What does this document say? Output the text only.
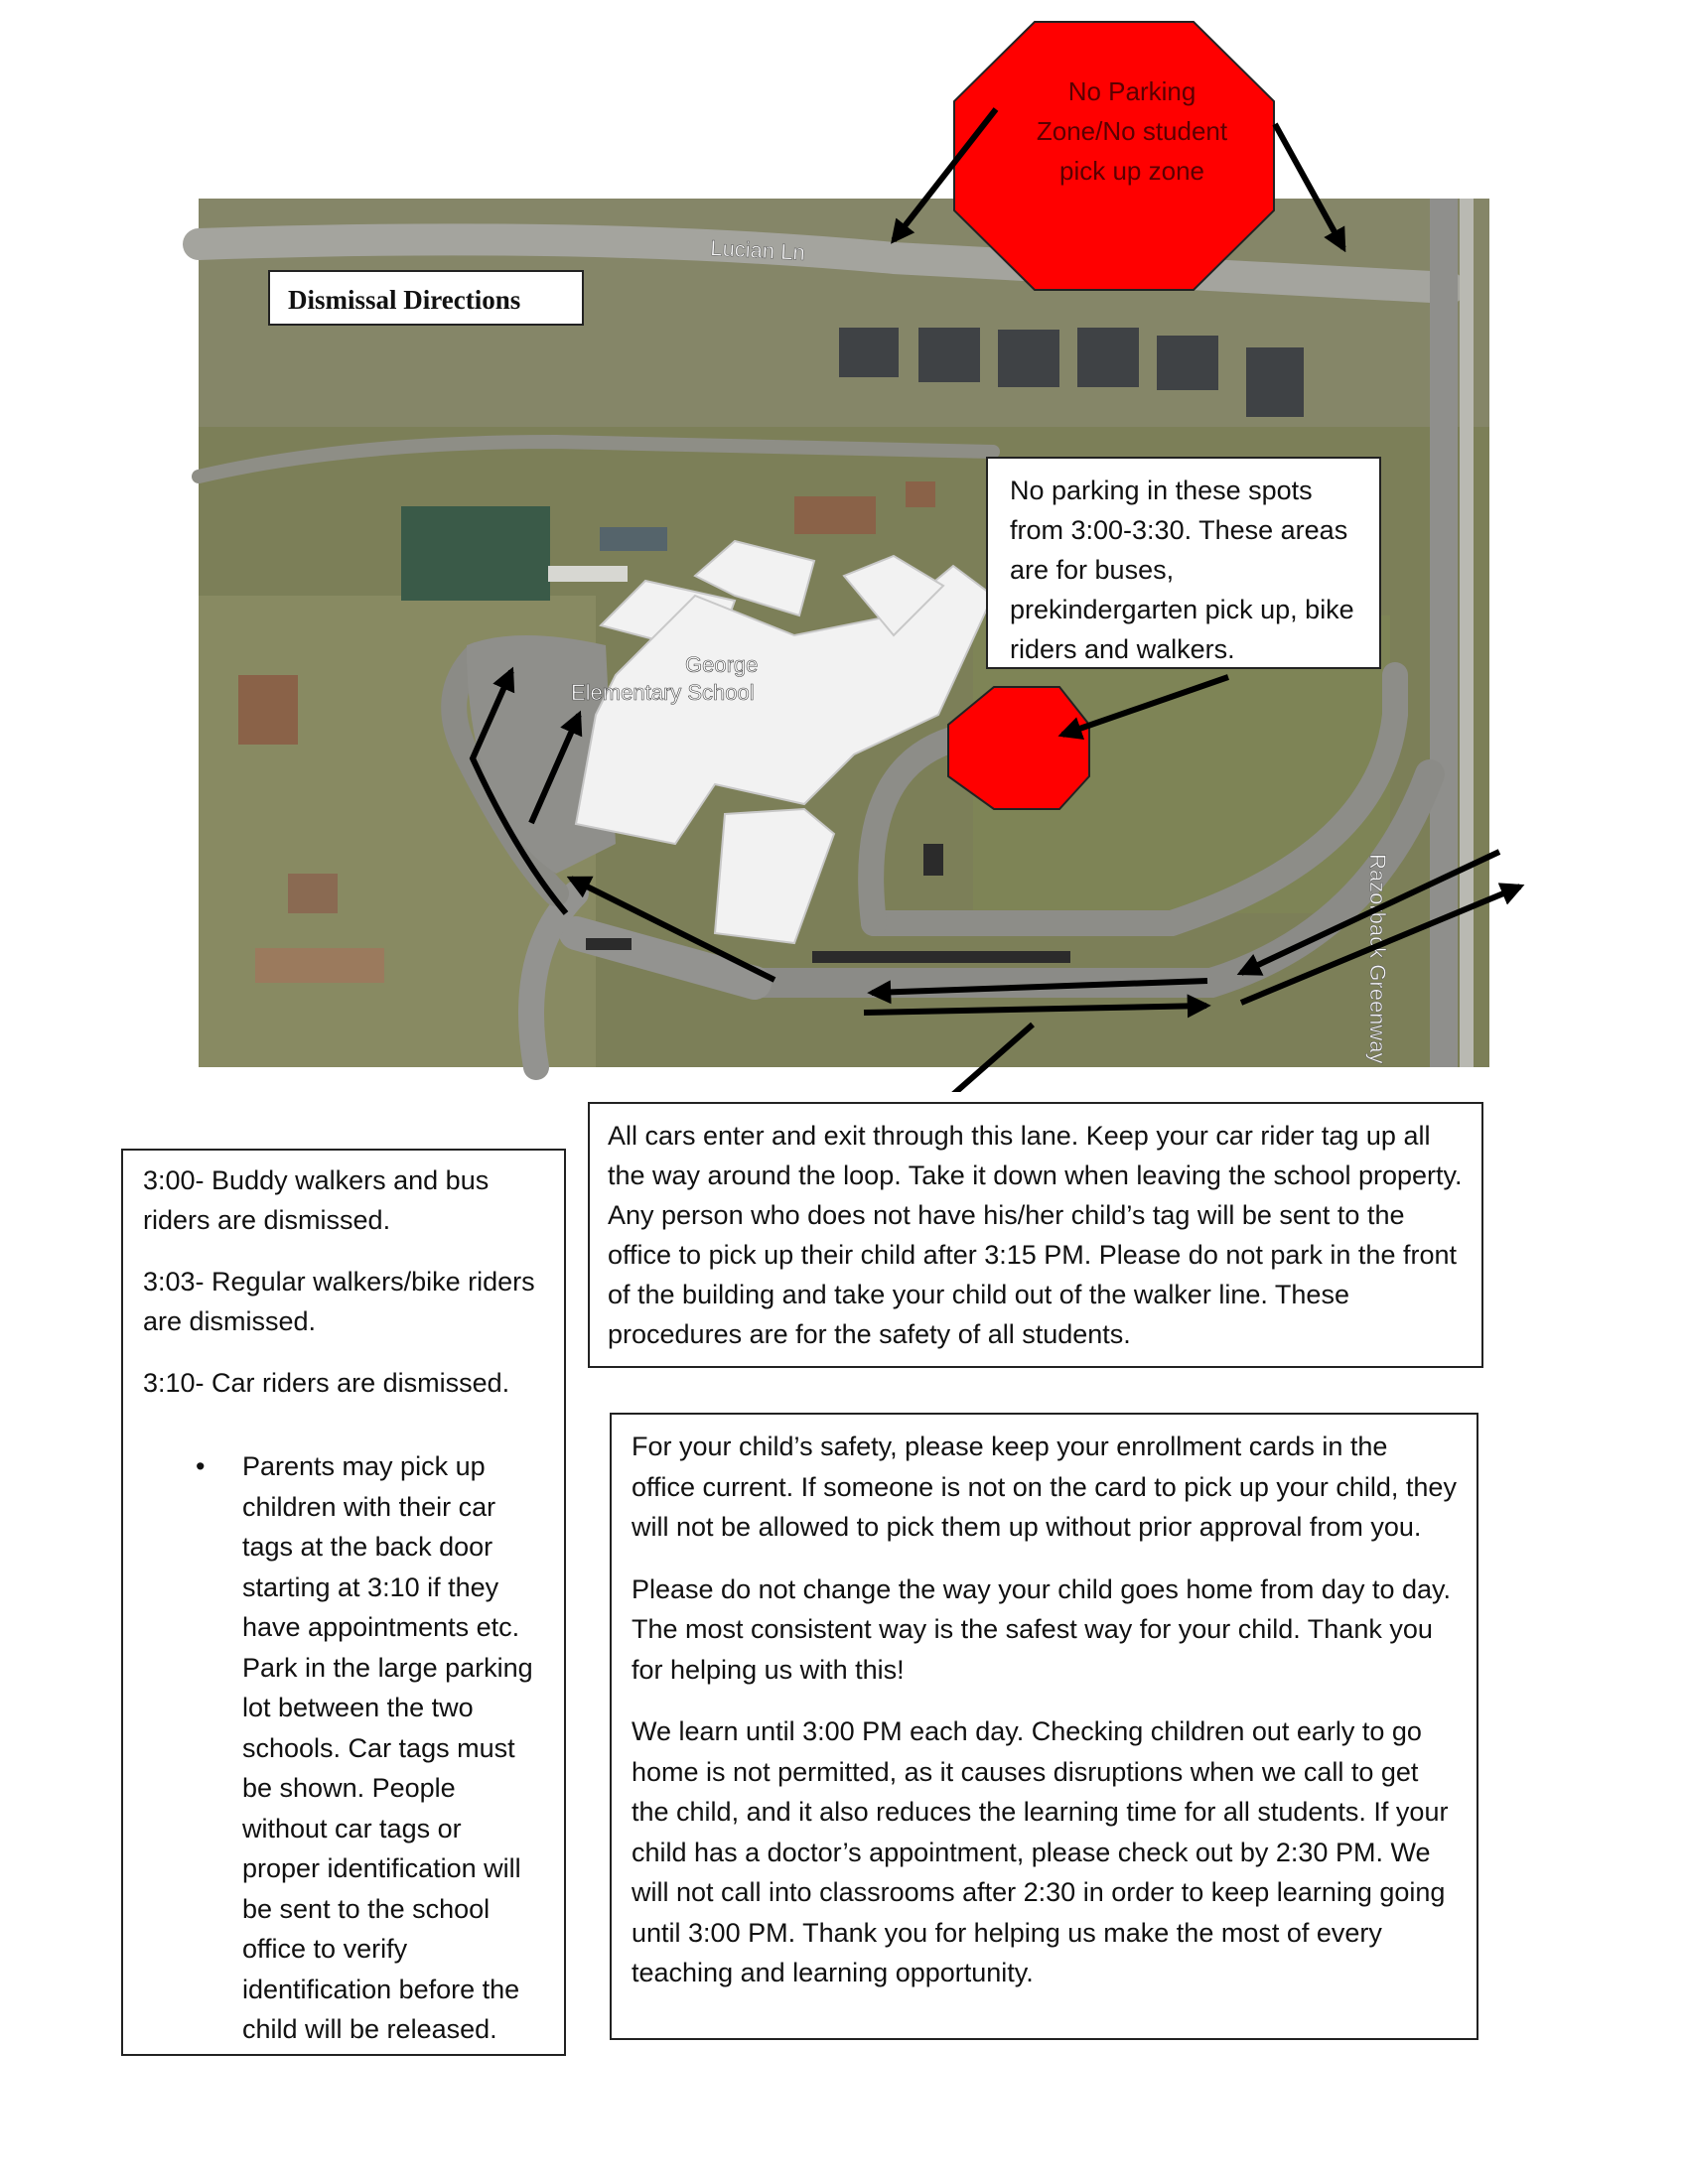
George
Elementary School
Lucian Ln
Razorback Greenway
No Parking Zone/No student pick up zone
Dismissal Directions
No parking in these spots from 3:00-3:30. These areas are for buses, prekindergarten pick up, bike riders and walkers.
All cars enter and exit through this lane. Keep your car rider tag up all the way around the loop. Take it down when leaving the school property. Any person who does not have his/her child’s tag will be sent to the office to pick up their child after 3:15 PM. Please do not park in the front of the building and take your child out of the walker line. These procedures are for the safety of all students.

3:00- Buddy walkers and bus riders are dismissed.

3:03- Regular walkers/bike riders are dismissed.

3:10- Car riders are dismissed.

• Parents may pick up children with their car tags at the back door starting at 3:10 if they have appointments etc. Park in the large parking lot between the two schools. Car tags must be shown. People without car tags or proper identification will be sent to the school office to verify identification before the child will be released.

For your child’s safety, please keep your enrollment cards in the office current. If someone is not on the card to pick up your child, they will not be allowed to pick them up without prior approval from you.

Please do not change the way your child goes home from day to day. The most consistent way is the safest way for your child. Thank you for helping us with this!

We learn until 3:00 PM each day. Checking children out early to go home is not permitted, as it causes disruptions when we call to get the child, and it also reduces the learning time for all students. If your child has a doctor’s appointment, please check out by 2:30 PM. We will not call into classrooms after 2:30 in order to keep learning going until 3:00 PM. Thank you for helping us make the most of every teaching and learning opportunity.
